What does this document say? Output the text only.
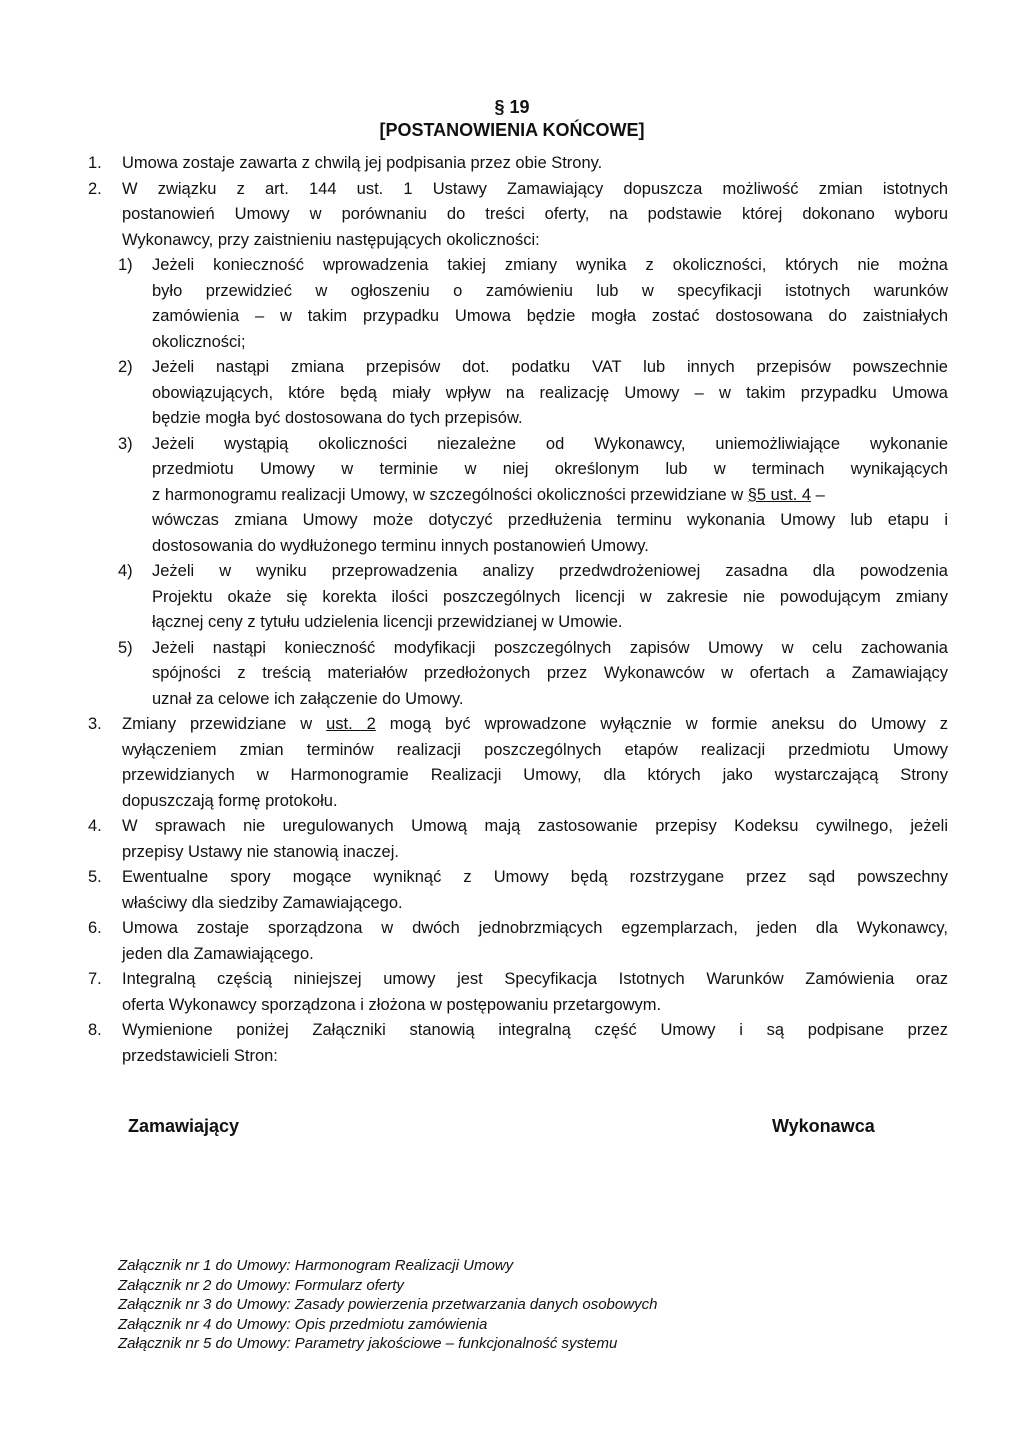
§ 19
[POSTANOWIENIA KOŃCOWE]
1. Umowa zostaje zawarta z chwilą jej podpisania przez obie Strony.
2. W związku z art. 144 ust. 1 Ustawy Zamawiający dopuszcza możliwość zmian istotnych
postanowień Umowy w porównaniu do treści oferty, na podstawie której dokonano wyboru
Wykonawcy, przy zaistnieniu następujących okoliczności:
1) Jeżeli konieczność wprowadzenia takiej zmiany wynika z okoliczności, których nie można
było przewidzieć w ogłoszeniu o zamówieniu lub w specyfikacji istotnych warunków
zamówienia – w takim przypadku Umowa będzie mogła zostać dostosowana do zaistniałych
okoliczności;
2) Jeżeli nastąpi zmiana przepisów dot. podatku VAT lub innych przepisów powszechnie
obowiązujących, które będą miały wpływ na realizację Umowy – w takim przypadku Umowa
będzie mogła być dostosowana do tych przepisów.
3) Jeżeli wystąpią okoliczności niezależne od Wykonawcy, uniemożliwiające wykonanie
przedmiotu Umowy w terminie w niej określonym lub w terminach wynikających
z harmonogramu realizacji Umowy, w szczególności okoliczności przewidziane w §5 ust. 4 –
wówczas zmiana Umowy może dotyczyć przedłużenia terminu wykonania Umowy lub etapu i
dostosowania do wydłużonego terminu innych postanowień Umowy.
4) Jeżeli w wyniku przeprowadzenia analizy przedwdrożeniowej zasadna dla powodzenia
Projektu okaże się korekta ilości poszczególnych licencji w zakresie nie powodującym zmiany
łącznej ceny z tytułu udzielenia licencji przewidzianej w Umowie.
5) Jeżeli nastąpi konieczność modyfikacji poszczególnych zapisów Umowy w celu zachowania
spójności z treścią materiałów przedłożonych przez Wykonawców w ofertach a Zamawiający
uznał za celowe ich załączenie do Umowy.
3. Zmiany przewidziane w ust. 2 mogą być wprowadzone wyłącznie w formie aneksu do Umowy z
wyłączeniem zmian terminów realizacji poszczególnych etapów realizacji przedmiotu Umowy
przewidzianych w Harmonogramie Realizacji Umowy, dla których jako wystarczającą Strony
dopuszczają formę protokołu.
4. W sprawach nie uregulowanych Umową mają zastosowanie przepisy Kodeksu cywilnego, jeżeli
przepisy Ustawy nie stanowią inaczej.
5. Ewentualne spory mogące wyniknąć z Umowy będą rozstrzygane przez sąd powszechny
właściwy dla siedziby Zamawiającego.
6. Umowa zostaje sporządzona w dwóch jednobrzmiących egzemplarzach, jeden dla Wykonawcy,
jeden dla Zamawiającego.
7. Integralną częścią niniejszej umowy jest Specyfikacja Istotnych Warunków Zamówienia oraz
oferta Wykonawcy sporządzona i złożona w postępowaniu przetargowym.
8. Wymienione poniżej Załączniki stanowią integralną część Umowy i są podpisane przez
przedstawicieli Stron:
Zamawiający	Wykonawca
Załącznik nr 1 do Umowy: Harmonogram Realizacji Umowy
Załącznik nr 2 do Umowy: Formularz oferty
Załącznik nr 3 do Umowy: Zasady powierzenia przetwarzania danych osobowych
Załącznik nr 4 do Umowy: Opis przedmiotu zamówienia
Załącznik nr 5 do Umowy: Parametry jakościowe – funkcjonalność systemu
